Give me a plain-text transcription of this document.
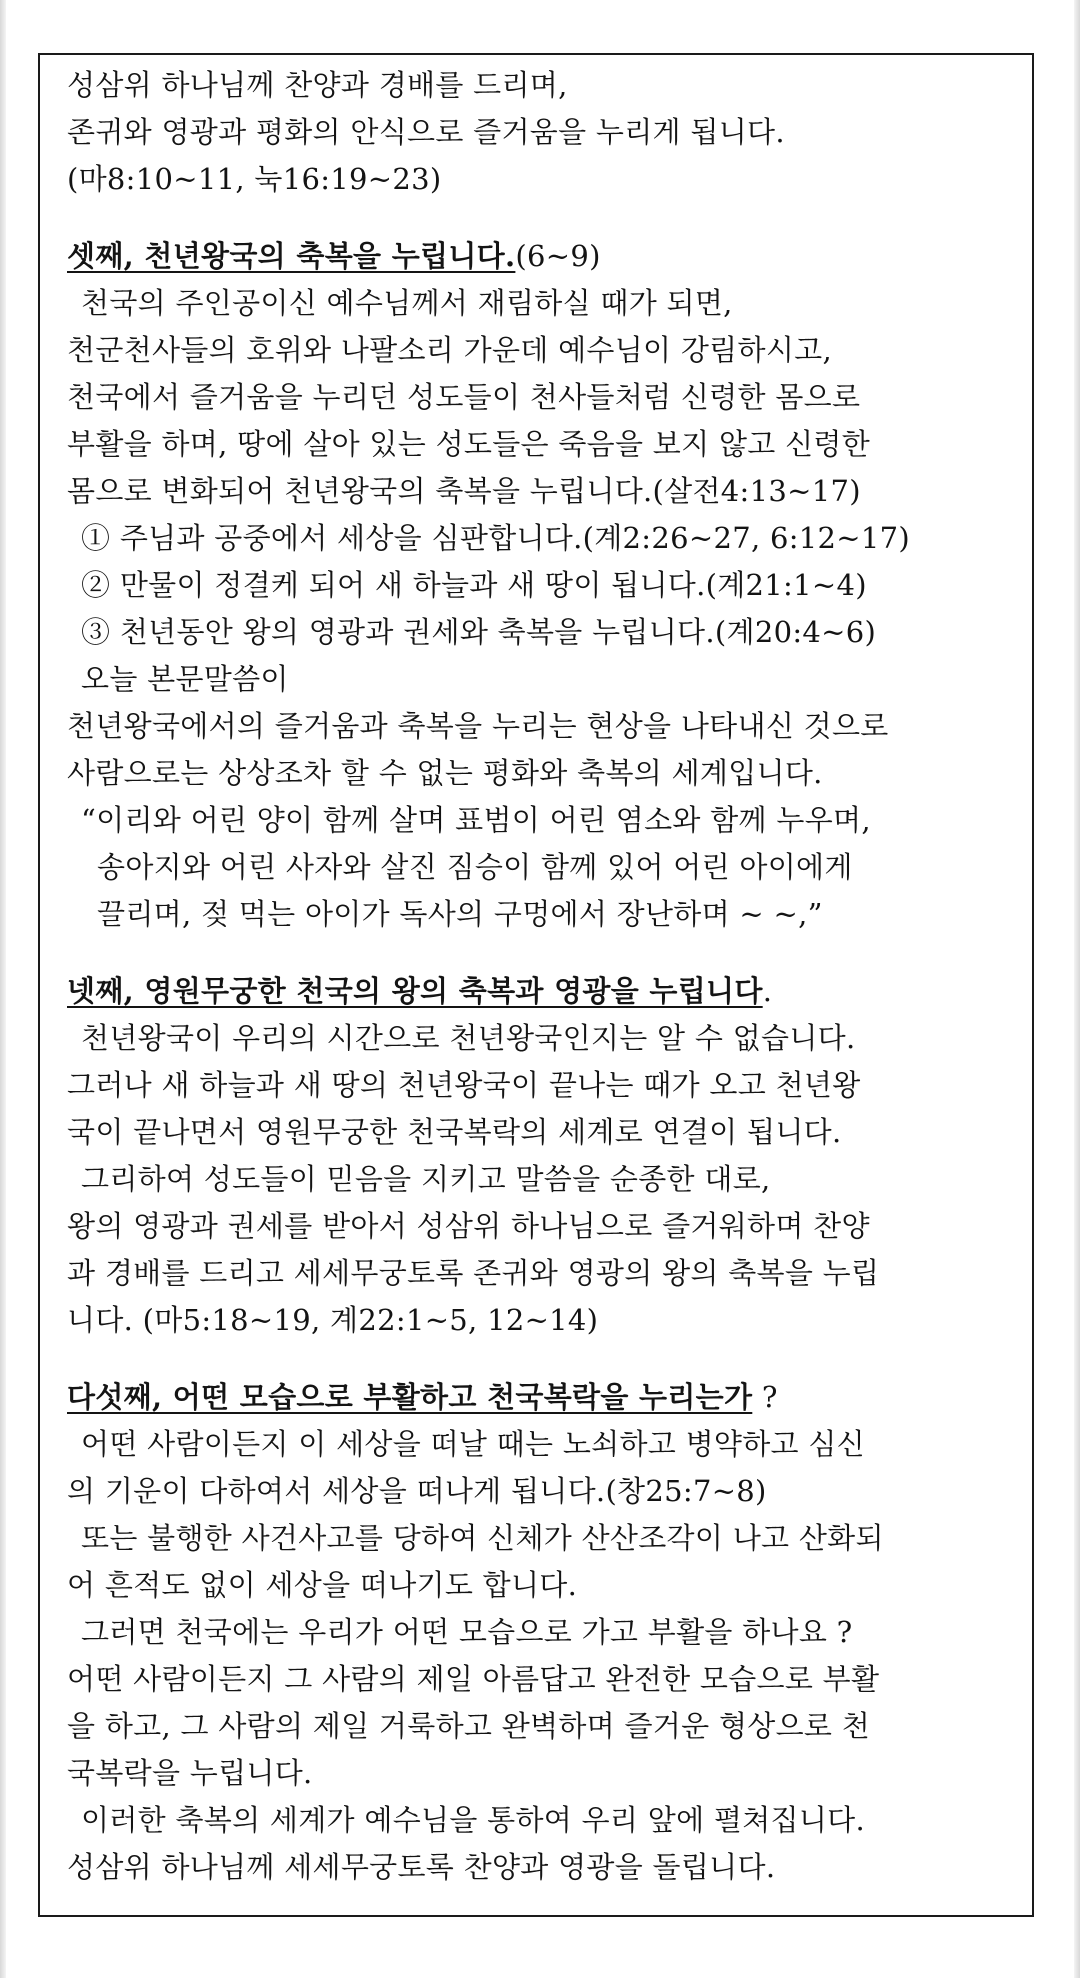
성삼위 하나님께 찬양과 경배를 드리며,
존귀와 영광과 평화의 안식으로 즐거움을 누리게 됩니다.
(마8:10~11, 눅16:19~23)
셋째, 천년왕국의 축복을 누립니다.(6~9)
천국의 주인공이신 예수님께서 재림하실 때가 되면,
천군천사들의 호위와 나팔소리 가운데 예수님이 강림하시고,
천국에서 즐거움을 누리던 성도들이 천사들처럼 신령한 몸으로
부활을 하며, 땅에 살아 있는 성도들은 죽음을 보지 않고 신령한
몸으로 변화되어 천년왕국의 축복을 누립니다.(살전4:13~17)
① 주님과 공중에서 세상을 심판합니다.(계2:26~27, 6:12~17)
② 만물이 정결케 되어 새 하늘과 새 땅이 됩니다.(계21:1~4)
③ 천년동안 왕의 영광과 권세와 축복을 누립니다.(계20:4~6)
오늘 본문말씀이
천년왕국에서의 즐거움과 축복을 누리는 현상을 나타내신 것으로
사람으로는 상상조차 할 수 없는 평화와 축복의 세계입니다.
“이리와 어린 양이 함께 살며 표범이 어린 염소와 함께 누우며,
송아지와 어린 사자와 살진 짐승이 함께 있어 어린 아이에게
끌리며, 젖 먹는 아이가 독사의 구멍에서 장난하며 ~ ~,”
넷째, 영원무궁한 천국의 왕의 축복과 영광을 누립니다.
천년왕국이 우리의 시간으로 천년왕국인지는 알 수 없습니다.
그러나 새 하늘과 새 땅의 천년왕국이 끝나는 때가 오고 천년왕
국이 끝나면서 영원무궁한 천국복락의 세계로 연결이 됩니다.
그리하여 성도들이 믿음을 지키고 말씀을 순종한 대로,
왕의 영광과 권세를 받아서 성삼위 하나님으로 즐거워하며 찬양
과 경배를 드리고 세세무궁토록 존귀와 영광의 왕의 축복을 누립
니다. (마5:18~19, 계22:1~5, 12~14)
다섯째, 어떤 모습으로 부활하고 천국복락을 누리는가 ?
어떤 사람이든지 이 세상을 떠날 때는 노쇠하고 병약하고 심신
의 기운이 다하여서 세상을 떠나게 됩니다.(창25:7~8)
또는 불행한 사건사고를 당하여 신체가 산산조각이 나고 산화되
어 흔적도 없이 세상을 떠나기도 합니다.
그러면 천국에는 우리가 어떤 모습으로 가고 부활을 하나요 ?
어떤 사람이든지 그 사람의 제일 아름답고 완전한 모습으로 부활
을 하고, 그 사람의 제일 거룩하고 완벽하며 즐거운 형상으로 천
국복락을 누립니다.
이러한 축복의 세계가 예수님을 통하여 우리 앞에 펼쳐집니다.
성삼위 하나님께 세세무궁토록 찬양과 영광을 돌립니다.
